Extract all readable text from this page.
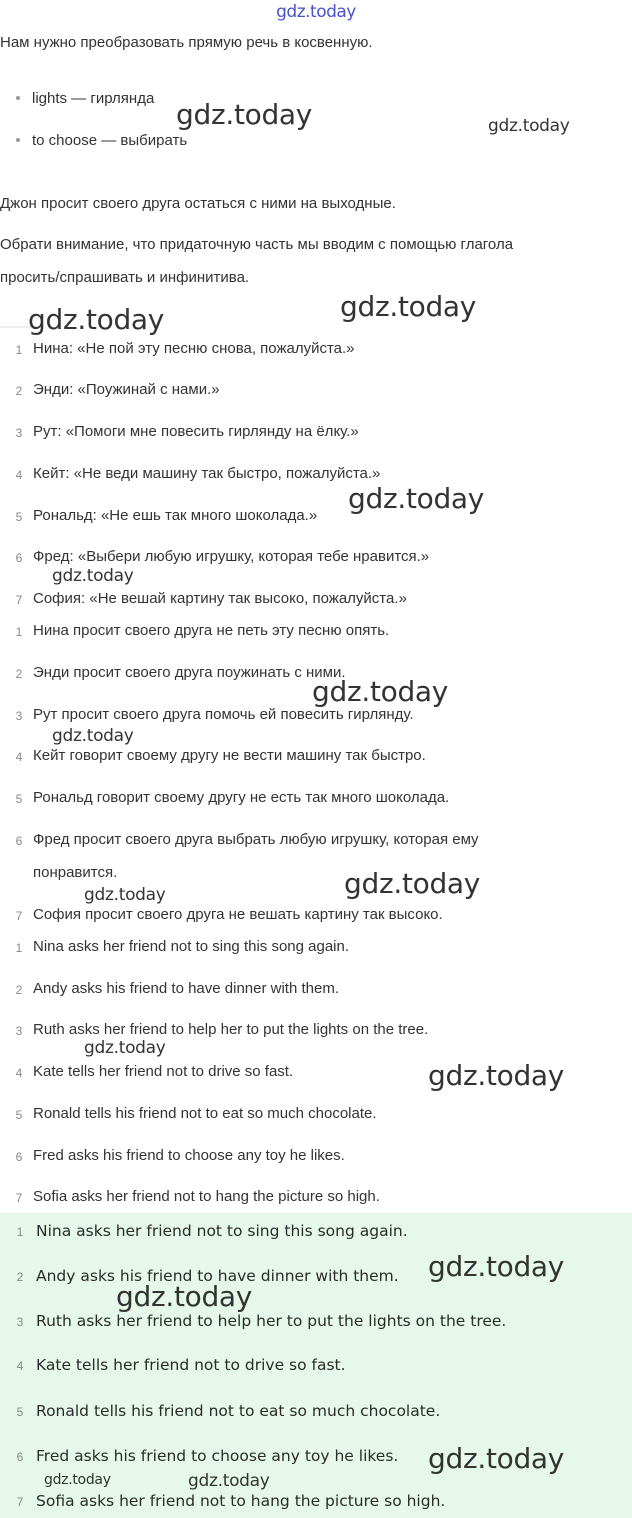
gdz.today
Нам нужно преобразовать прямую речь в косвенную.
lights — гирлянда
to choose — выбирать
Джон просит своего друга остаться с ними на выходные.
Обрати внимание, что придаточную часть мы вводим с помощью глагола
просить/спрашивать и инфинитива.
1 Нина: «Не пой эту песню снова, пожалуйста.»
2 Энди: «Поужинай с нами.»
3 Рут: «Помоги мне повесить гирлянду на ёлку.»
4 Кейт: «Не веди машину так быстро, пожалуйста.»
5 Рональд: «Не ешь так много шоколада.»
6 Фред: «Выбери любую игрушку, которая тебе нравится.»
7 София: «Не вешай картину так высоко, пожалуйста.»
1 Нина просит своего друга не петь эту песню опять.
2 Энди просит своего друга поужинать с ними.
3 Рут просит своего друга помочь ей повесить гирлянду.
4 Кейт говорит своему другу не вести машину так быстро.
5 Рональд говорит своему другу не есть так много шоколада.
6 Фред просит своего друга выбрать любую игрушку, которая ему
понравится.
7 София просит своего друга не вешать картину так высоко.
1 Nina asks her friend not to sing this song again.
2 Andy asks his friend to have dinner with them.
3 Ruth asks her friend to help her to put the lights on the tree.
4 Kate tells her friend not to drive so fast.
5 Ronald tells his friend not to eat so much chocolate.
6 Fred asks his friend to choose any toy he likes.
7 Sofia asks her friend not to hang the picture so high.
1 Nina asks her friend not to sing this song again.
2 Andy asks his friend to have dinner with them.
3 Ruth asks her friend to help her to put the lights on the tree.
4 Kate tells her friend not to drive so fast.
5 Ronald tells his friend not to eat so much chocolate.
6 Fred asks his friend to choose any toy he likes.
7 Sofia asks her friend not to hang the picture so high.
gdz.today	gdz.today
gdz.today	gdz.today
gdz.today
gdz.today
gdz.today
gdz.today
gdz.today
gdz.today
gdz.today
gdz.today
gdz.today
gdz.today
gdz.today
gdz.today	gdz.today
